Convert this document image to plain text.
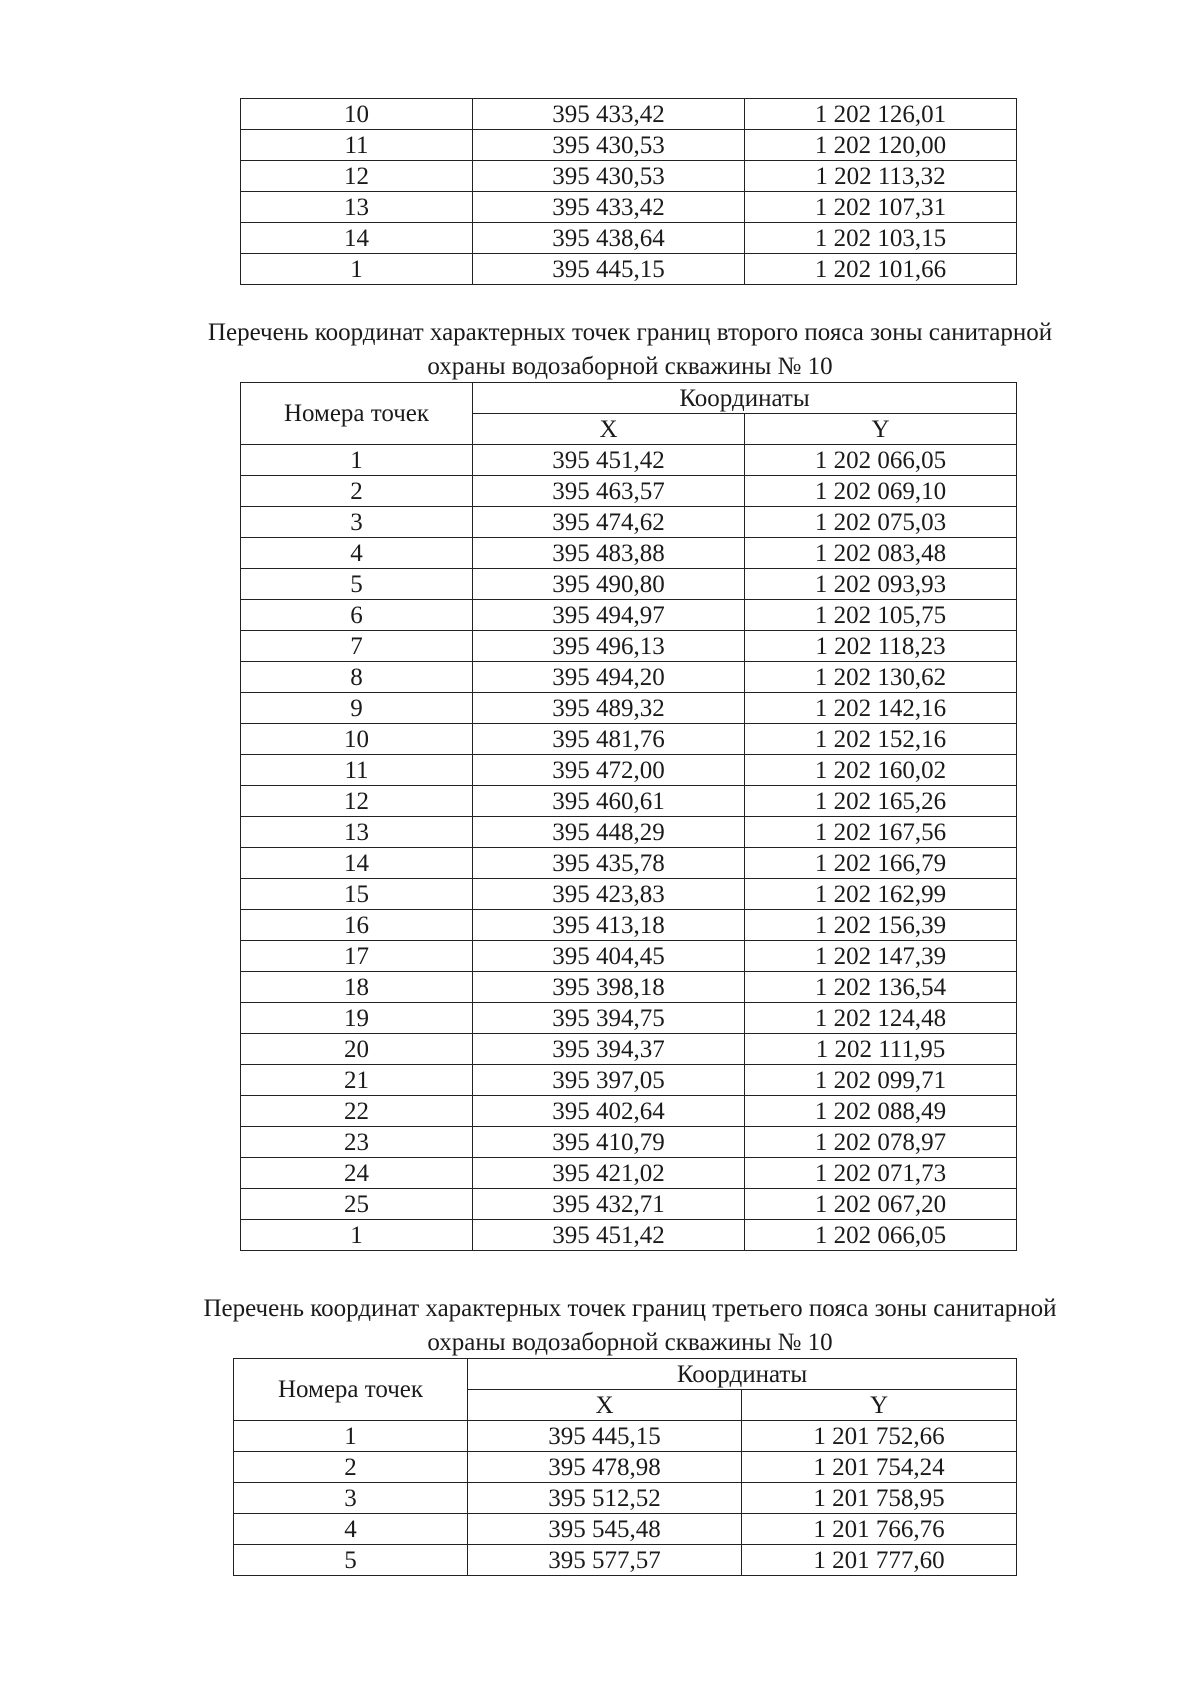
10	395 433,42	1 202 126,01
11	395 430,53	1 202 120,00
12	395 430,53	1 202 113,32
13	395 433,42	1 202 107,31
14	395 438,64	1 202 103,15
1	395 445,15	1 202 101,66
Перечень координат характерных точек границ второго пояса зоны санитарной
охраны водозаборной скважины № 10
Номера точек	Координаты	
	X	Y
1	395 451,42	1 202 066,05
2	395 463,57	1 202 069,10
3	395 474,62	1 202 075,03
4	395 483,88	1 202 083,48
5	395 490,80	1 202 093,93
6	395 494,97	1 202 105,75
7	395 496,13	1 202 118,23
8	395 494,20	1 202 130,62
9	395 489,32	1 202 142,16
10	395 481,76	1 202 152,16
11	395 472,00	1 202 160,02
12	395 460,61	1 202 165,26
13	395 448,29	1 202 167,56
14	395 435,78	1 202 166,79
15	395 423,83	1 202 162,99
16	395 413,18	1 202 156,39
17	395 404,45	1 202 147,39
18	395 398,18	1 202 136,54
19	395 394,75	1 202 124,48
20	395 394,37	1 202 111,95
21	395 397,05	1 202 099,71
22	395 402,64	1 202 088,49
23	395 410,79	1 202 078,97
24	395 421,02	1 202 071,73
25	395 432,71	1 202 067,20
1	395 451,42	1 202 066,05
Перечень координат характерных точек границ третьего пояса зоны санитарной
охраны водозаборной скважины № 10
Номера точек	Координаты	
	X	Y
1	395 445,15	1 201 752,66
2	395 478,98	1 201 754,24
3	395 512,52	1 201 758,95
4	395 545,48	1 201 766,76
5	395 577,57	1 201 777,60
